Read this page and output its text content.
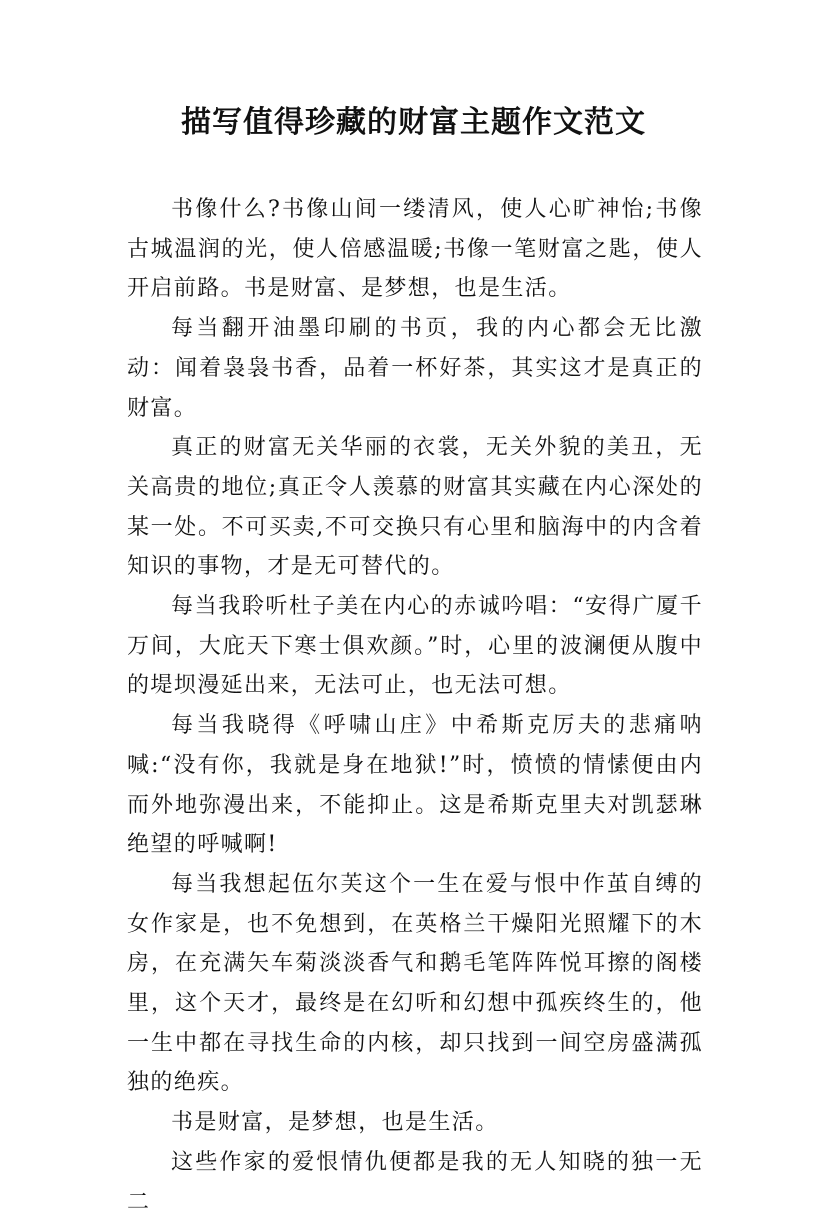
描写值得珍藏的财富主题作文范文

书像什么?书像山间一缕清风，使人心旷神怡;书像古城温润的光，使人倍感温暖;书像一笔财富之匙，使人开启前路。书是财富、是梦想，也是生活。

每当翻开油墨印刷的书页，我的内心都会无比激动：闻着袅袅书香，品着一杯好茶，其实这才是真正的财富。

真正的财富无关华丽的衣裳，无关外貌的美丑，无关高贵的地位;真正令人羡慕的财富其实藏在内心深处的某一处。不可买卖,不可交换只有心里和脑海中的内含着知识的事物，才是无可替代的。

每当我聆听杜子美在内心的赤诚吟唱：“安得广厦千万间，大庇天下寒士俱欢颜。”时，心里的波澜便从腹中的堤坝漫延出来，无法可止，也无法可想。

每当我晓得《呼啸山庄》中希斯克厉夫的悲痛呐喊:“没有你，我就是身在地狱!”时，愤愤的情愫便由内而外地弥漫出来，不能抑止。这是希斯克里夫对凯瑟琳绝望的呼喊啊!

每当我想起伍尔芙这个一生在爱与恨中作茧自缚的女作家是，也不免想到，在英格兰干燥阳光照耀下的木房，在充满矢车菊淡淡香气和鹅毛笔阵阵悦耳擦的阁楼里，这个天才，最终是在幻听和幻想中孤疾终生的，他一生中都在寻找生命的内核，却只找到一间空房盛满孤独的绝疾。

书是财富，是梦想，也是生活。

这些作家的爱恨情仇便都是我的无人知晓的独一无二
